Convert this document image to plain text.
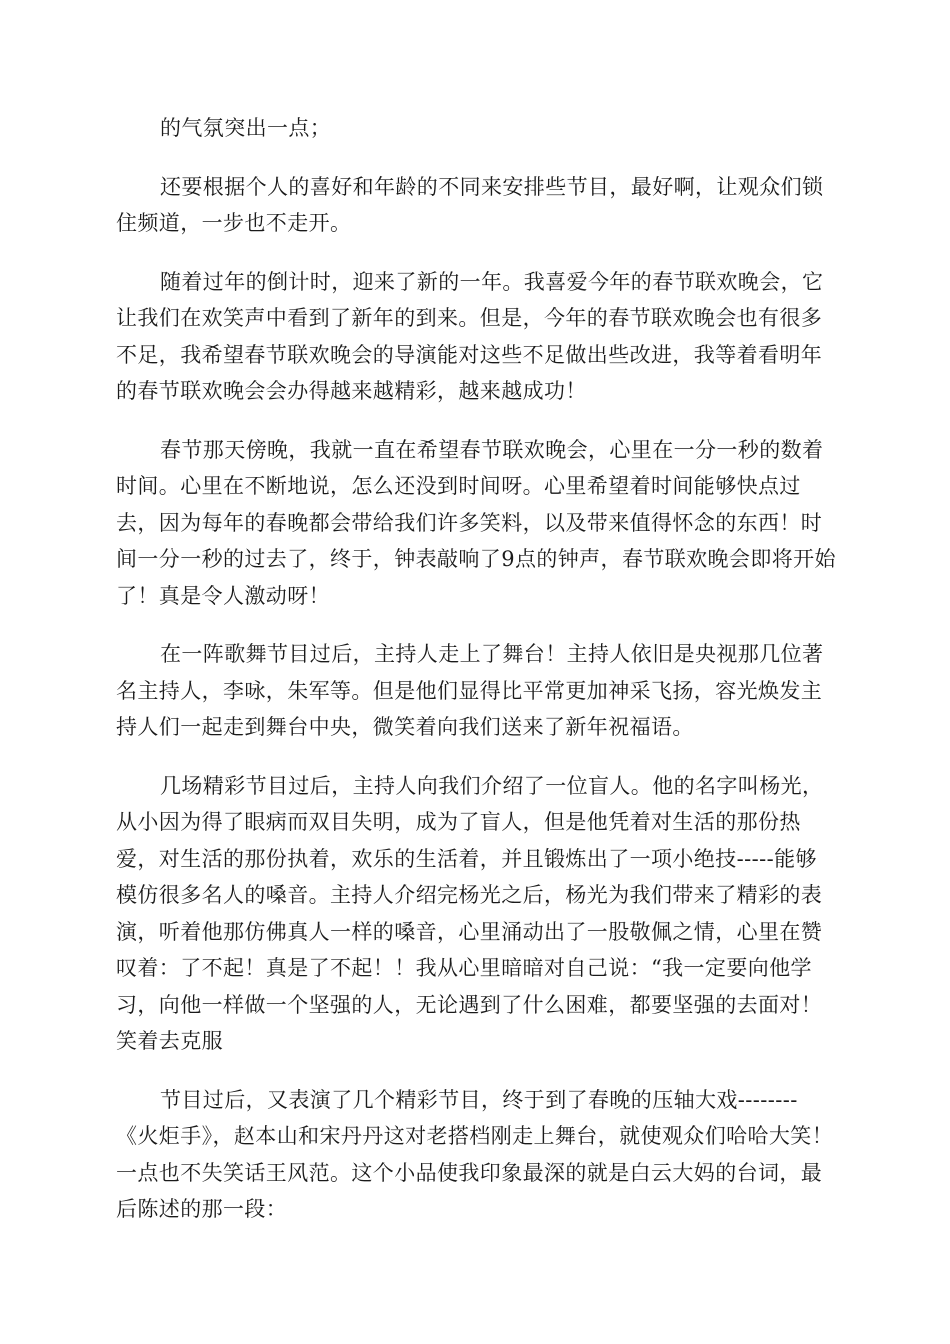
的气氛突出一点；

还要根据个人的喜好和年龄的不同来安排些节目，最好啊，让观众们锁住频道，一步也不走开。

随着过年的倒计时，迎来了新的一年。我喜爱今年的春节联欢晚会，它让我们在欢笑声中看到了新年的到来。但是，今年的春节联欢晚会也有很多不足，我希望春节联欢晚会的导演能对这些不足做出些改进，我等着看明年的春节联欢晚会会办得越来越精彩，越来越成功！

春节那天傍晚，我就一直在希望春节联欢晚会，心里在一分一秒的数着时间。心里在不断地说，怎么还没到时间呀。心里希望着时间能够快点过去，因为每年的春晚都会带给我们许多笑料，以及带来值得怀念的东西！时间一分一秒的过去了，终于，钟表敲响了9点的钟声，春节联欢晚会即将开始了！真是令人激动呀！

在一阵歌舞节目过后，主持人走上了舞台！主持人依旧是央视那几位著名主持人，李咏，朱军等。但是他们显得比平常更加神采飞扬，容光焕发主持人们一起走到舞台中央，微笑着向我们送来了新年祝福语。

几场精彩节目过后，主持人向我们介绍了一位盲人。他的名字叫杨光，从小因为得了眼病而双目失明，成为了盲人，但是他凭着对生活的那份热爱，对生活的那份执着，欢乐的生活着，并且锻炼出了一项小绝技-----能够模仿很多名人的嗓音。主持人介绍完杨光之后，杨光为我们带来了精彩的表演，听着他那仿佛真人一样的嗓音，心里涌动出了一股敬佩之情，心里在赞叹着：了不起！真是了不起！！我从心里暗暗对自己说：“我一定要向他学习，向他一样做一个坚强的人，无论遇到了什么困难，都要坚强的去面对！笑着去克服

节目过后，又表演了几个精彩节目，终于到了春晚的压轴大戏--------《火炬手》，赵本山和宋丹丹这对老搭档刚走上舞台，就使观众们哈哈大笑！一点也不失笑话王风范。这个小品使我印象最深的就是白云大妈的台词，最后陈述的那一段：
